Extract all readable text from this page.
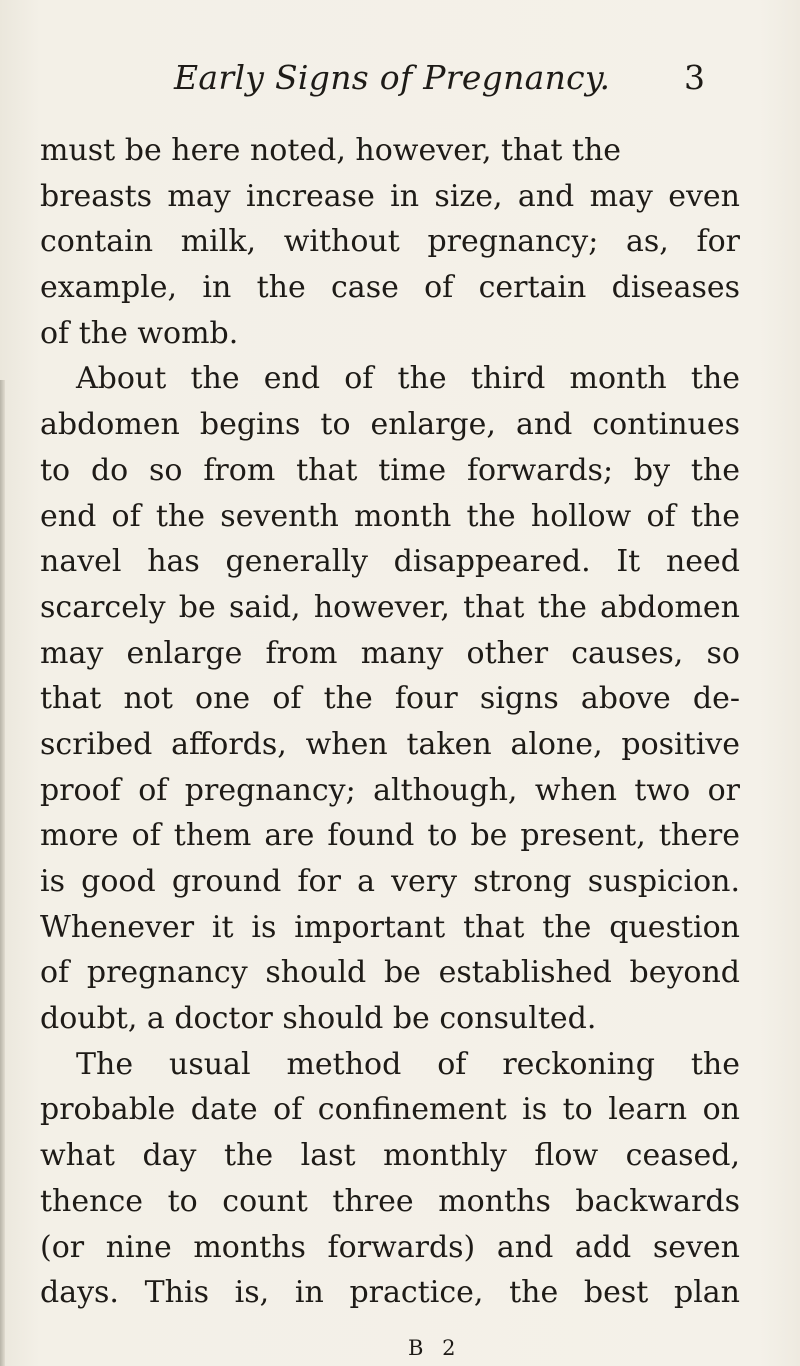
Early Signs of Pregnancy. 3
must be here noted, however, that the
breasts may increase in size, and may even
contain milk, without pregnancy; as, for
example, in the case of certain diseases
of the womb.
About the end of the third month the
abdomen begins to enlarge, and continues
to do so from that time forwards; by the
end of the seventh month the hollow of the
navel has generally disappeared. It need
scarcely be said, however, that the abdomen
may enlarge from many other causes, so
that not one of the four signs above de-
scribed affords, when taken alone, positive
proof of pregnancy; although, when two or
more of them are found to be present, there
is good ground for a very strong suspicion.
Whenever it is important that the question
of pregnancy should be established beyond
doubt, a doctor should be consulted.
The usual method of reckoning the
probable date of confinement is to learn on
what day the last monthly flow ceased,
thence to count three months backwards
(or nine months forwards) and add seven
days. This is, in practice, the best plan
B 2
